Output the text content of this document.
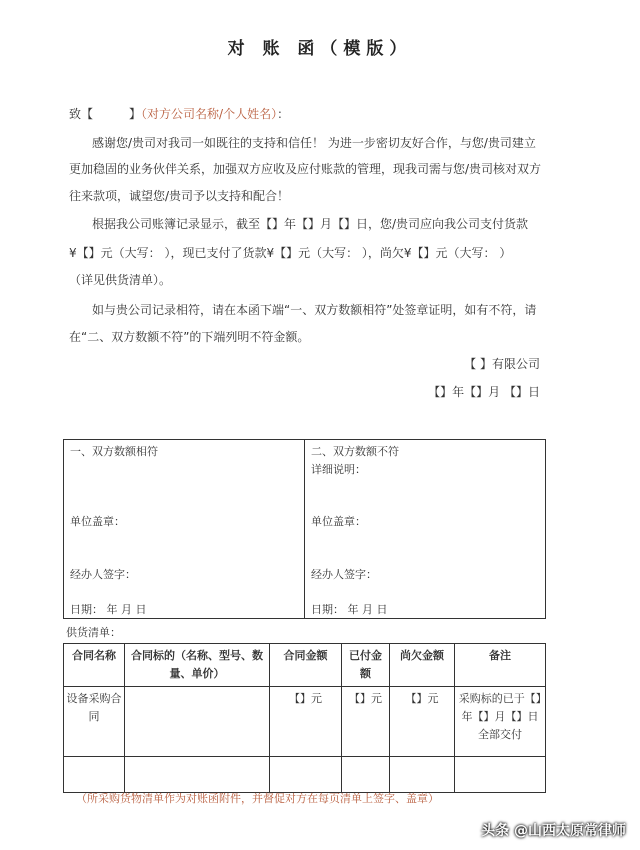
对 账 函（模版）
致【	】（对方公司名称/个人姓名）：
感谢您/贵司对我司一如既往的支持和信任！ 为进一步密切友好合作，与您/贵司建立
更加稳固的业务伙伴关系，加强双方应收及应付账款的管理，现我司需与您/贵司核对双方
往来款项，诚望您/贵司予以支持和配合！
根据我公司账簿记录显示，截至【】年【】月【】日，您/贵司应向我公司支付货款
¥【】元（大写： ），现已支付了货款¥【】元（大写： ），尚欠¥【】元（大写： ）
（详见供货清单）。
如与贵公司记录相符，请在本函下端“一、双方数额相符”处签章证明，如有不符，请
在“二、双方数额不符”的下端列明不符金额。
【 】有限公司
【】年【】月 【】日
一、双方数额相符
单位盖章：
经办人签字：
日期： 年 月 日
二、双方数额不符
详细说明：
单位盖章：
经办人签字：
日期： 年 月 日
供货清单：
合同名称	合同标的（名称、型号、数量、单价）	合同金额	已付金额	尚欠金额	备注
设备采购合同		【】元	【】元	【】元	采购标的已于【】年【】月【】日全部交付

（所采购货物清单作为对账函附件，并督促对方在每页清单上签字、盖章）
头条 @山西太原常律师
